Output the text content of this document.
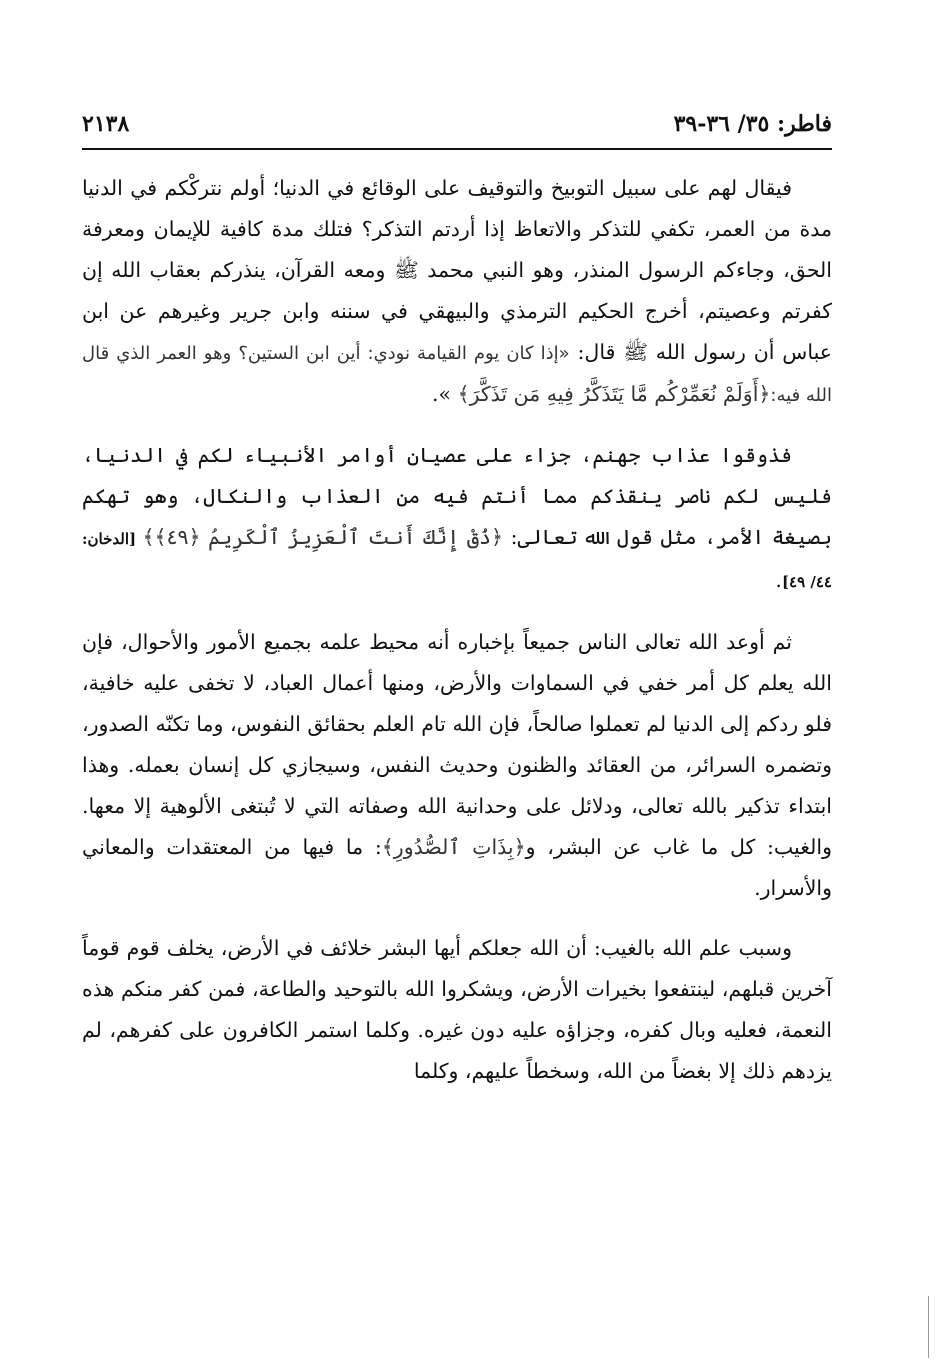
فاطر: ٣٥/ ٣٦-٣٩
٢١٣٨

فيقال لهم على سبيل التوبيخ والتوقيف على الوقائع في الدنيا؛ أولم نتركْكم في الدنيا مدة من العمر، تكفي للتذكر والاتعاظ إذا أردتم التذكر؟ فتلك مدة كافية للإيمان ومعرفة الحق، وجاءكم الرسول المنذر، وهو النبي محمد ﷺ ومعه القرآن، ينذركم بعقاب الله إن كفرتم وعصيتم، أخرج الحكيم الترمذي والبيهقي في سننه وابن جرير وغيرهم عن ابن عباس أن رسول الله ﷺ قال: «إذا كان يوم القيامة نودي: أين ابن الستين؟ وهو العمر الذي قال الله فيه:﴿أَوَلَمْ نُعَمِّرْكُم مَّا يَتَذَكَّرُ فِيهِ مَن تَذَكَّرَ﴾ ».

فذوقوا عذاب جهنم، جزاء على عصيان أوامر الأنبياء لكم في الدنيا، فليس لكم ناصر ينقذكم مما أنتم فيه من العذاب والنكال، وهو تهكم بصيغة الأمر، مثل قول الله تعالى: ﴿ذُقْ إِنَّكَ أَنتَ ٱلْعَزِيزُ ٱلْكَرِيمُ ﴿٤٩﴾﴾ [الدخان: ٤٤/ ٤٩].

ثم أوعد الله تعالى الناس جميعاً بإخباره أنه محيط علمه بجميع الأمور والأحوال، فإن الله يعلم كل أمر خفي في السماوات والأرض، ومنها أعمال العباد، لا تخفى عليه خافية، فلو ردكم إلى الدنيا لم تعملوا صالحاً، فإن الله تام العلم بحقائق النفوس، وما تكنّه الصدور، وتضمره السرائر، من العقائد والظنون وحديث النفس، وسيجازي كل إنسان بعمله. وهذا ابتداء تذكير بالله تعالى، ودلائل على وحدانية الله وصفاته التي لا تُبتغى الألوهية إلا معها. والغيب: كل ما غاب عن البشر، و﴿بِذَاتِ ٱلصُّدُورِ﴾: ما فيها من المعتقدات والمعاني والأسرار.

وسبب علم الله بالغيب: أن الله جعلكم أيها البشر خلائف في الأرض، يخلف قوم قوماً آخرين قبلهم، لينتفعوا بخيرات الأرض، ويشكروا الله بالتوحيد والطاعة، فمن كفر منكم هذه النعمة، فعليه وبال كفره، وجزاؤه عليه دون غيره. وكلما استمر الكافرون على كفرهم، لم يزدهم ذلك إلا بغضاً من الله، وسخطاً عليهم، وكلما
